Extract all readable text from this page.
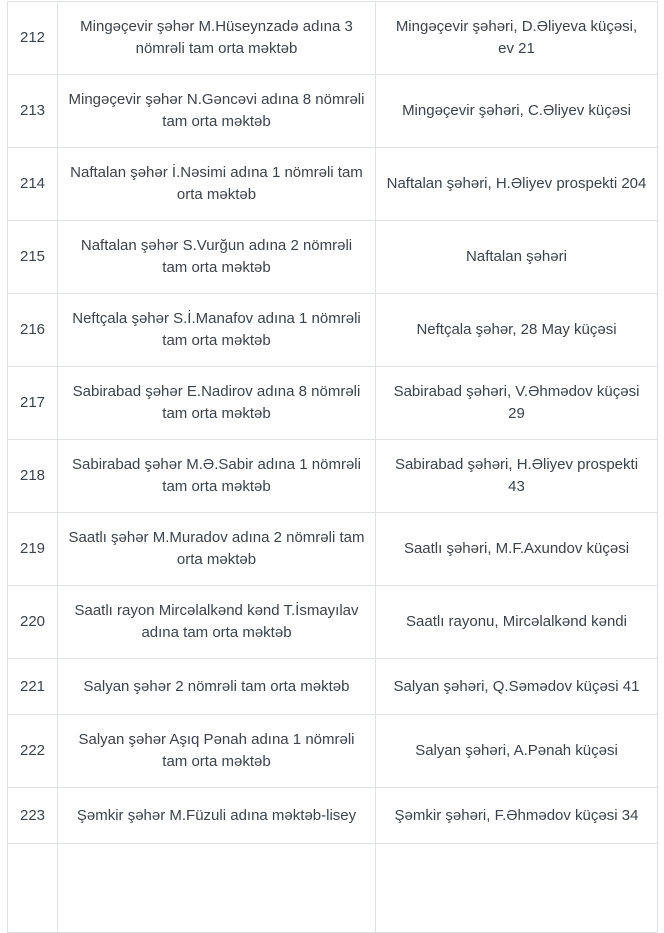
212	Mingəçevir şəhər M.Hüseynzadə adına 3 nömrəli tam orta məktəb	Mingəçevir şəhəri, D.Əliyeva küçəsi, ev 21
213	Mingəçevir şəhər N.Gəncəvi adına 8 nömrəli tam orta məktəb	Mingəçevir şəhəri, C.Əliyev küçəsi
214	Naftalan şəhər İ.Nəsimi adına 1 nömrəli tam orta məktəb	Naftalan şəhəri, H.Əliyev prospekti 204
215	Naftalan şəhər S.Vurğun adına 2 nömrəli tam orta məktəb	Naftalan şəhəri
216	Neftçala şəhər S.İ.Manafov adına 1 nömrəli tam orta məktəb	Neftçala şəhər, 28 May küçəsi
217	Sabirabad şəhər E.Nadirov adına 8 nömrəli tam orta məktəb	Sabirabad şəhəri, V.Əhmədov küçəsi 29
218	Sabirabad şəhər M.Ə.Sabir adına 1 nömrəli tam orta məktəb	Sabirabad şəhəri, H.Əliyev prospekti 43
219	Saatlı şəhər M.Muradov adına 2 nömrəli tam orta məktəb	Saatlı şəhəri, M.F.Axundov küçəsi
220	Saatlı rayon Mircəlalkənd kənd T.İsmayılav adına tam orta məktəb	Saatlı rayonu, Mircəlalkənd kəndi
221	Salyan şəhər 2 nömrəli tam orta məktəb	Salyan şəhəri, Q.Səmədov küçəsi 41
222	Salyan şəhər Aşıq Pənah adına 1 nömrəli tam orta məktəb	Salyan şəhəri, A.Pənah küçəsi
223	Şəmkir şəhər M.Füzuli adına məktəb-lisey	Şəmkir şəhəri, F.Əhmədov küçəsi 34
